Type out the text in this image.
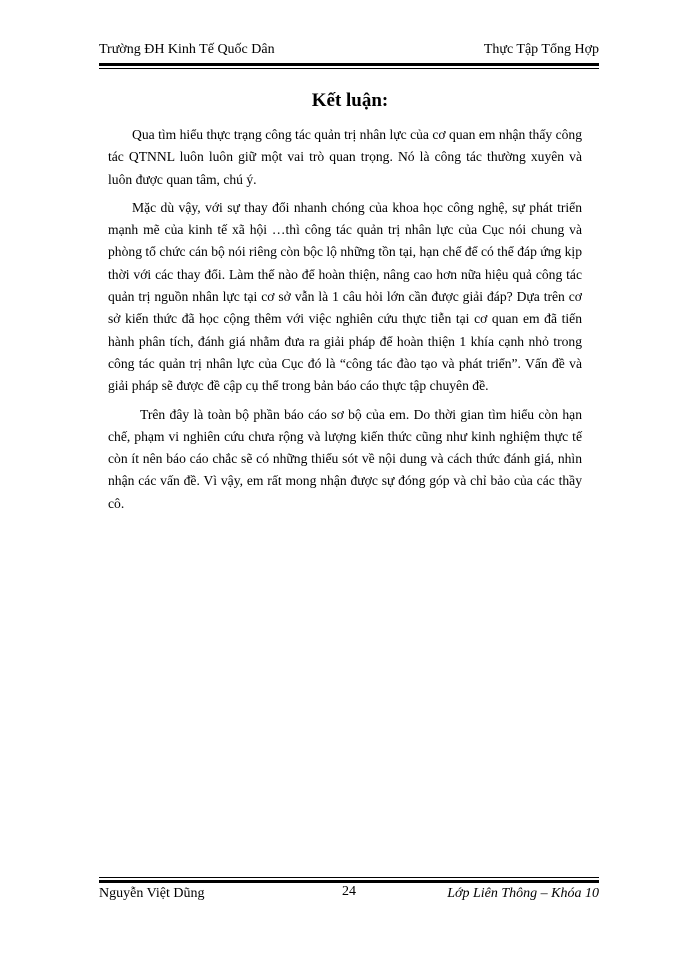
Trường ĐH Kinh Tế Quốc Dân	Thực Tập Tổng Hợp
Kết luận:

Qua tìm hiểu thực trạng công tác quản trị nhân lực của cơ quan em nhận thấy công tác QTNNL luôn luôn giữ một vai trò quan trọng. Nó là công tác thường xuyên và luôn được quan tâm, chú ý.

Mặc dù vậy, với sự thay đổi nhanh chóng của khoa học công nghệ, sự phát triển mạnh mẽ của kinh tế xã hội …thì công tác quản trị nhân lực của Cục nói chung và phòng tổ chức cán bộ nói riêng còn bộc lộ những tồn tại, hạn chế để có thể đáp ứng kịp thời với các thay đổi. Làm thế nào để hoàn thiện, nâng cao hơn nữa hiệu quả công tác quản trị nguồn nhân lực tại cơ sở vẫn là 1 câu hỏi lớn cần được giải đáp? Dựa trên cơ sở kiến thức đã học cộng thêm với việc nghiên cứu thực tiễn tại cơ quan em đã tiến hành phân tích, đánh giá nhằm đưa ra giải pháp để hoàn thiện 1 khía cạnh nhỏ trong công tác quản trị nhân lực của Cục đó là “công tác đào tạo và phát triển”. Vấn đề và giải pháp sẽ được đề cập cụ thể trong bản báo cáo thực tập chuyên đề.

Trên đây là toàn bộ phần báo cáo sơ bộ của em. Do thời gian tìm hiểu còn hạn chế, phạm vi nghiên cứu chưa rộng và lượng kiến thức cũng như kinh nghiệm thực tế còn ít nên báo cáo chắc sẽ có những thiếu sót về nội dung và cách thức đánh giá, nhìn nhận các vấn đề. Vì vậy, em rất mong nhận được sự đóng góp và chỉ bảo của các thầy cô.

Nguyễn Việt Dũng	24	Lớp Liên Thông – Khóa 10
